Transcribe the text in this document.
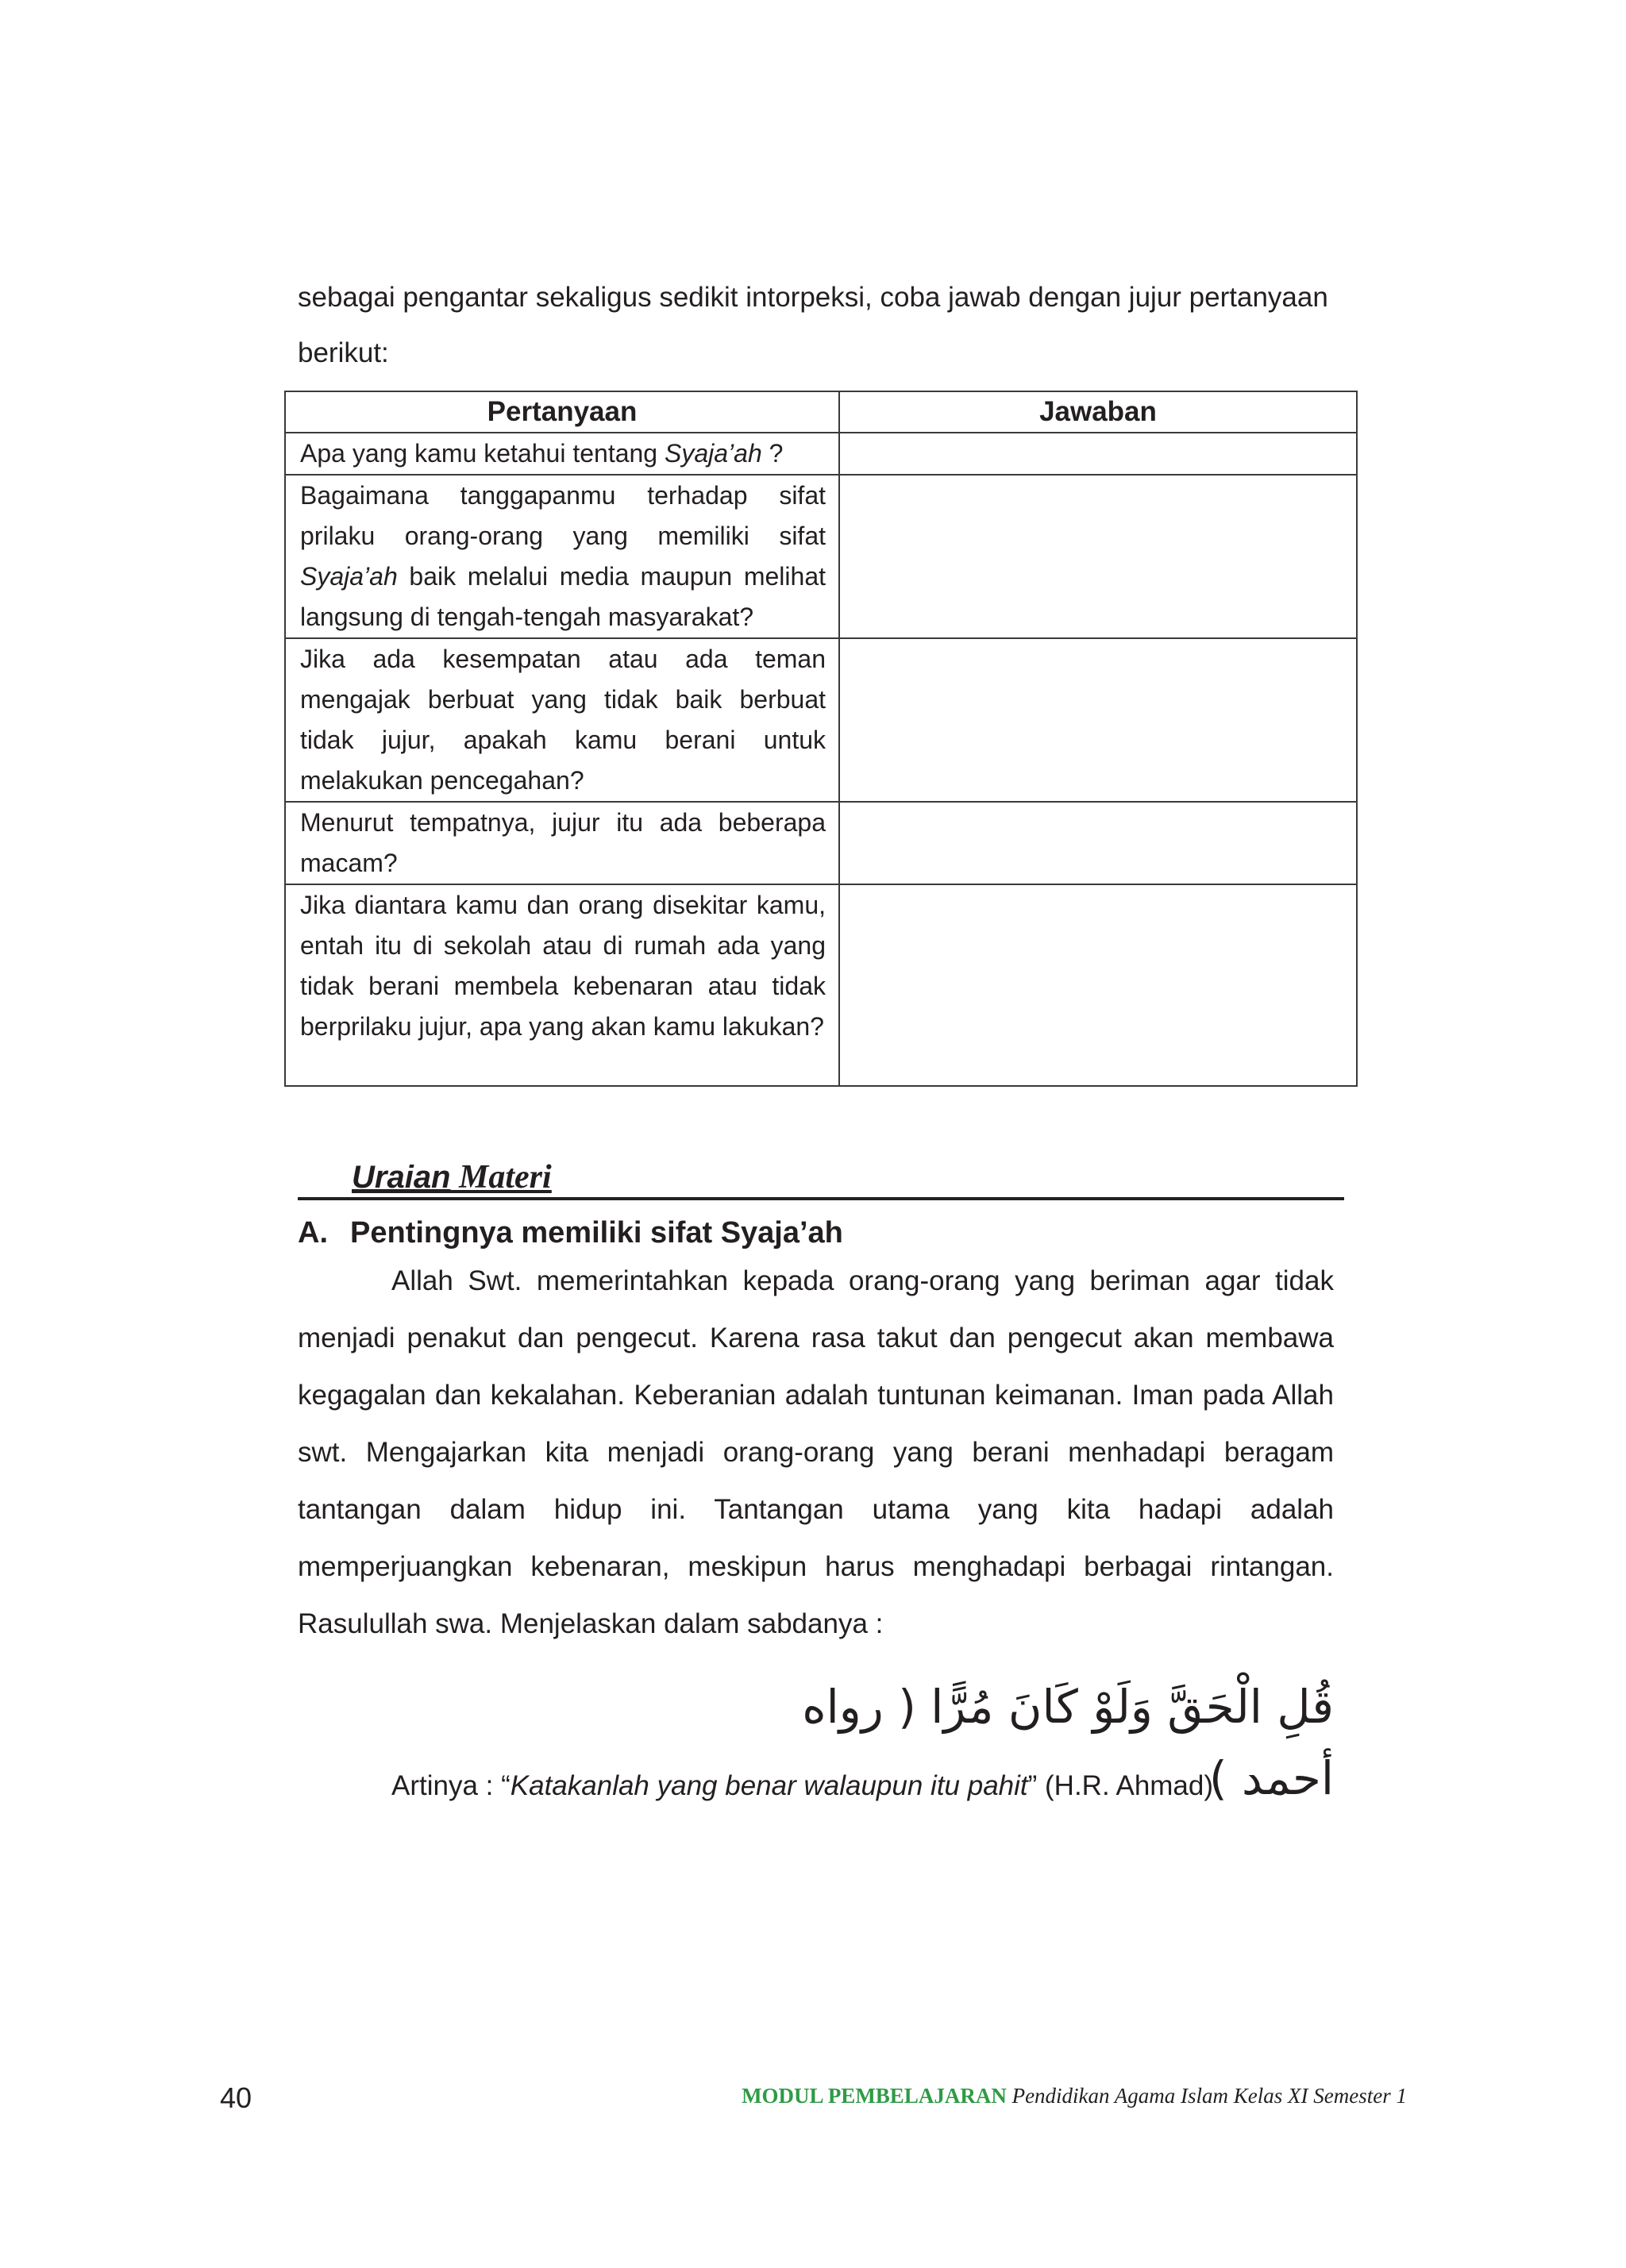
sebagai pengantar sekaligus sedikit intorpeksi, coba jawab dengan jujur pertanyaan berikut:
Pertanyaan	Jawaban
Apa yang kamu ketahui tentang Syaja’ah ?	
Bagaimana tanggapanmu terhadap sifat prilaku orang-orang yang memiliki sifat Syaja’ah baik melalui media maupun melihat langsung di tengah-tengah masyarakat?	
Jika ada kesempatan atau ada teman mengajak berbuat yang tidak baik berbuat tidak jujur, apakah kamu berani untuk melakukan pencegahan?	
Menurut tempatnya, jujur itu ada beberapa macam?	
Jika diantara kamu dan orang disekitar kamu, entah itu di sekolah atau di rumah ada yang tidak berani membela kebenaran atau tidak berprilaku jujur, apa yang akan kamu lakukan?	
Uraian Materi
A. Pentingnya memiliki sifat Syaja’ah
Allah Swt. memerintahkan kepada orang-orang yang beriman agar tidak menjadi penakut dan pengecut. Karena rasa takut dan pengecut akan membawa kegagalan dan kekalahan. Keberanian adalah tuntunan keimanan. Iman pada Allah swt. Mengajarkan kita menjadi orang-orang yang berani menhadapi beragam tantangan dalam hidup ini. Tantangan utama yang kita hadapi adalah memperjuangkan kebenaran, meskipun harus menghadapi berbagai rintangan. Rasulullah swa. Menjelaskan dalam sabdanya :
قُلِ الْحَقَّ وَلَوْ كَانَ مُرًّا ( رواه أحمد )
Artinya : “Katakanlah yang benar walaupun itu pahit” (H.R. Ahmad)
40	MODUL PEMBELAJARAN Pendidikan Agama Islam Kelas XI Semester 1
